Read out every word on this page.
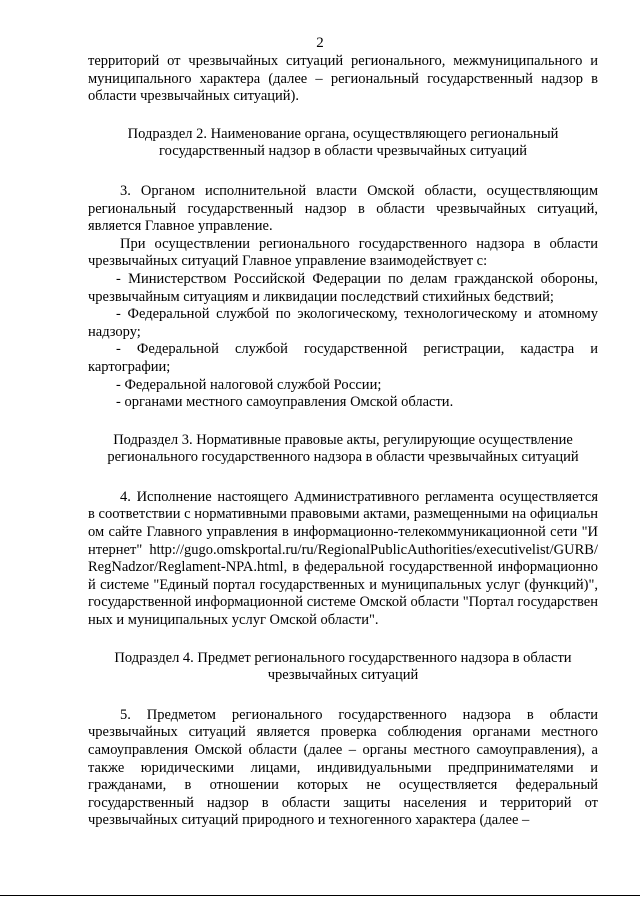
2

территорий от чрезвычайных ситуаций регионального, межмуниципального и муниципального характера (далее – региональный государственный надзор в области чрезвычайных ситуаций).

Подраздел 2. Наименование органа, осуществляющего региональный государственный надзор в области чрезвычайных ситуаций

3. Органом исполнительной власти Омской области, осуществляющим региональный государственный надзор в области чрезвычайных ситуаций, является Главное управление.

При осуществлении регионального государственного надзора в области чрезвычайных ситуаций Главное управление взаимодействует с:

- Министерством Российской Федерации по делам гражданской обороны, чрезвычайным ситуациям и ликвидации последствий стихийных бедствий;

- Федеральной службой по экологическому, технологическому и атомному надзору;

- Федеральной службой государственной регистрации, кадастра и картографии;

- Федеральной налоговой службой России;

- органами местного самоуправления Омской области.

Подраздел 3. Нормативные правовые акты, регулирующие осуществление регионального государственного надзора в области чрезвычайных ситуаций

4. Исполнение настоящего Административного регламента осуществляется в соответствии с нормативными правовыми актами, размещенными на официальном сайте Главного управления в информационно-телекоммуникационной сети "Интернет" http://gugo.omskportal.ru/ru/RegionalPublicAuthorities/executivelist/GURB/RegNadzor/Reglament-NPA.html, в федеральной государственной информационной системе "Единый портал государственных и муниципальных услуг (функций)", государственной информационной системе Омской области "Портал государственных и муниципальных услуг Омской области".

Подраздел 4. Предмет регионального государственного надзора в области чрезвычайных ситуаций

5. Предметом регионального государственного надзора в области чрезвычайных ситуаций является проверка соблюдения органами местного самоуправления Омской области (далее – органы местного самоуправления), а также юридическими лицами, индивидуальными предпринимателями и гражданами, в отношении которых не осуществляется федеральный государственный надзор в области защиты населения и территорий от чрезвычайных ситуаций природного и техногенного характера (далее –
